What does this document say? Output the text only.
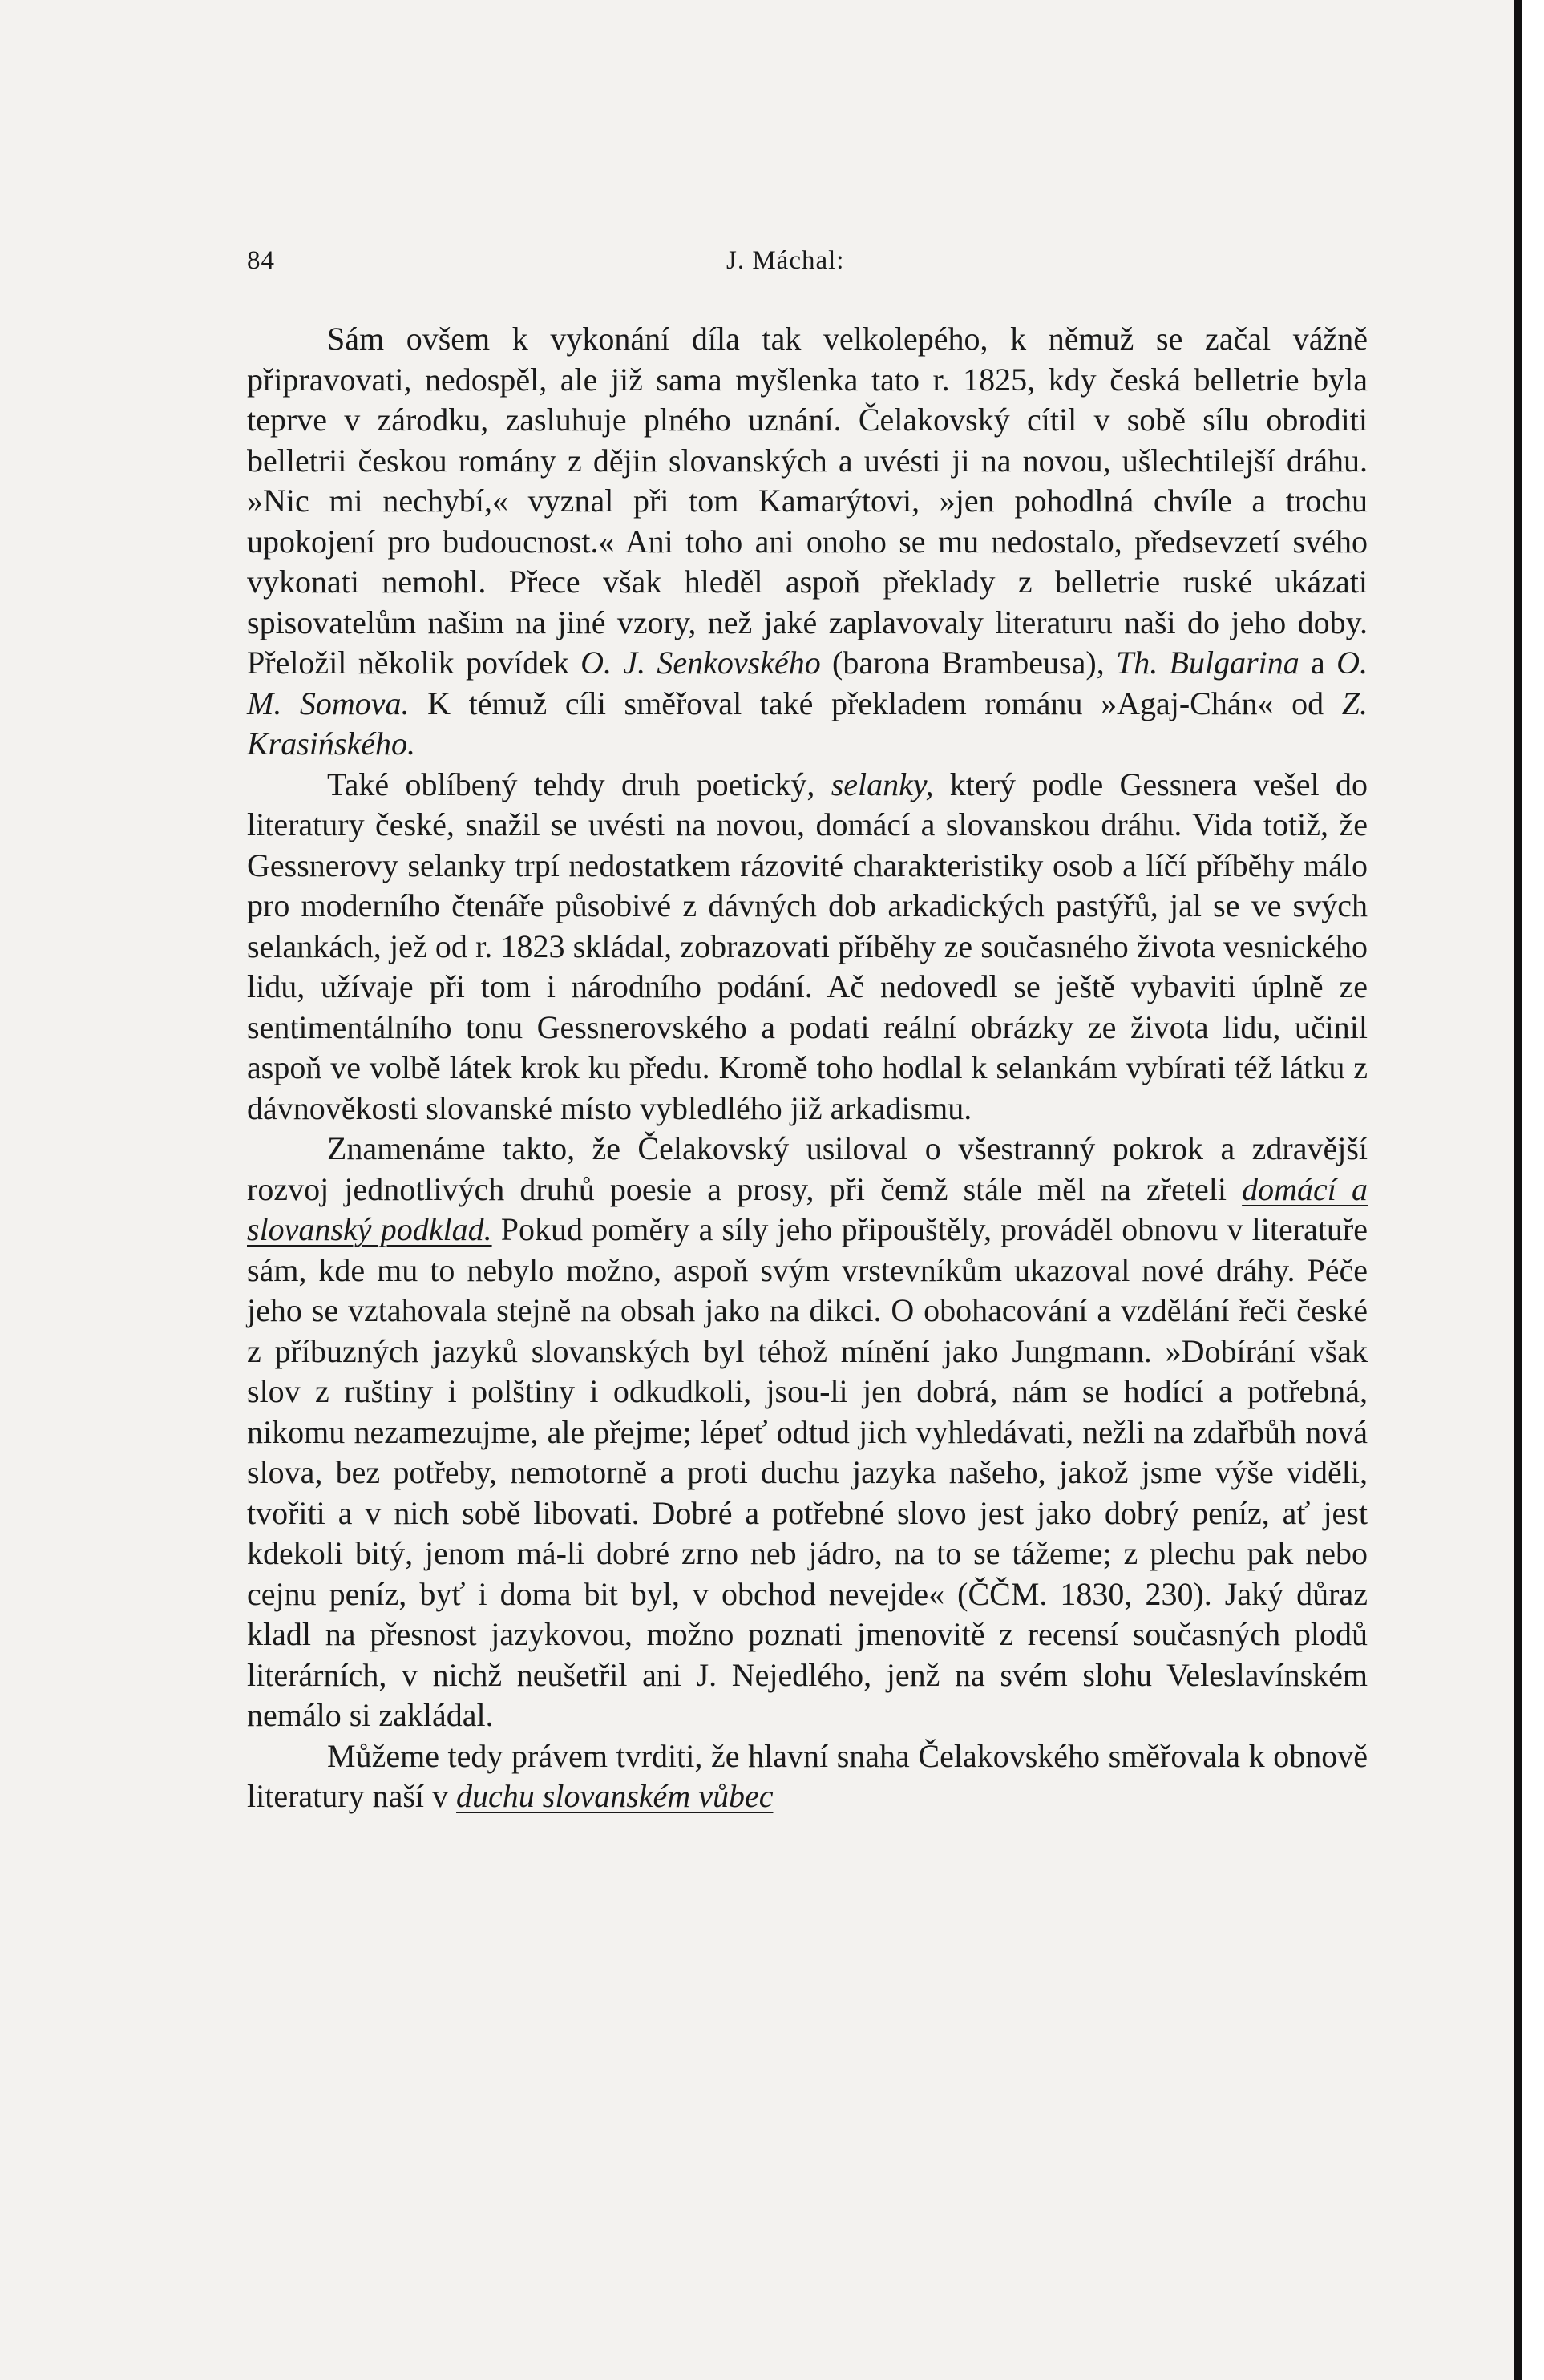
84	J. Máchal:

Sám ovšem k vykonání díla tak velkolepého, k němuž se začal vážně připravovati, nedospěl, ale již sama myšlenka tato r. 1825, kdy česká belletrie byla teprve v zárodku, zasluhuje plného uznání. Čelakovský cítil v sobě sílu obroditi belletrii českou romány z dějin slovanských a uvésti ji na novou, ušlechtilejší dráhu. »Nic mi nechybí,« vyznal při tom Kamarýtovi, »jen pohodlná chvíle a trochu upokojení pro budoucnost.« Ani toho ani onoho se mu nedostalo, předsevzetí svého vykonati nemohl. Přece však hleděl aspoň překlady z belletrie ruské ukázati spisovatelům našim na jiné vzory, než jaké zaplavovaly literaturu naši do jeho doby. Přeložil několik povídek O. J. Senkovského (barona Brambeusa), Th. Bulgarina a O. M. Somova. K témuž cíli směřoval také překladem románu »Agaj-Chán« od Z. Krasińského.

Také oblíbený tehdy druh poetický, selanky, který podle Gessnera vešel do literatury české, snažil se uvésti na novou, domácí a slovanskou dráhu. Vida totiž, že Gessnerovy selanky trpí nedostatkem rázovité charakteristiky osob a líčí příběhy málo pro moderního čtenáře působivé z dávných dob arkadických pastýřů, jal se ve svých selankách, jež od r. 1823 skládal, zobrazovati příběhy ze současného života vesnického lidu, užívaje při tom i národního podání. Ač nedovedl se ještě vybaviti úplně ze sentimentálního tonu Gessnerovského a podati reální obrázky ze života lidu, učinil aspoň ve volbě látek krok ku předu. Kromě toho hodlal k selankám vybírati též látku z dávnověkosti slovanské místo vybledlého již arkadismu.

Znamenáme takto, že Čelakovský usiloval o všestranný pokrok a zdravější rozvoj jednotlivých druhů poesie a prosy, při čemž stále měl na zřeteli domácí a slovanský podklad. Pokud poměry a síly jeho připouštěly, prováděl obnovu v literatuře sám, kde mu to nebylo možno, aspoň svým vrstevníkům ukazoval nové dráhy. Péče jeho se vztahovala stejně na obsah jako na dikci. O obohacování a vzdělání řeči české z příbuzných jazyků slovanských byl téhož mínění jako Jungmann. »Dobírání však slov z ruštiny i polštiny i odkudkoli, jsou-li jen dobrá, nám se hodící a potřebná, nikomu nezamezujme, ale přejme; lépeť odtud jich vyhledávati, nežli na zdařbůh nová slova, bez potřeby, nemotorně a proti duchu jazyka našeho, jakož jsme výše viděli, tvořiti a v nich sobě libovati. Dobré a potřebné slovo jest jako dobrý peníz, ať jest kdekoli bitý, jenom má-li dobré zrno neb jádro, na to se tážeme; z plechu pak nebo cejnu peníz, byť i doma bit byl, v obchod nevejde« (ČČM. 1830, 230). Jaký důraz kladl na přesnost jazykovou, možno poznati jmenovitě z recensí současných plodů literárních, v nichž neušetřil ani J. Nejedlého, jenž na svém slohu Veleslavínském nemálo si zakládal.

Můžeme tedy právem tvrditi, že hlavní snaha Čelakovského směřovala k obnově literatury naší v duchu slovanském vůbec
